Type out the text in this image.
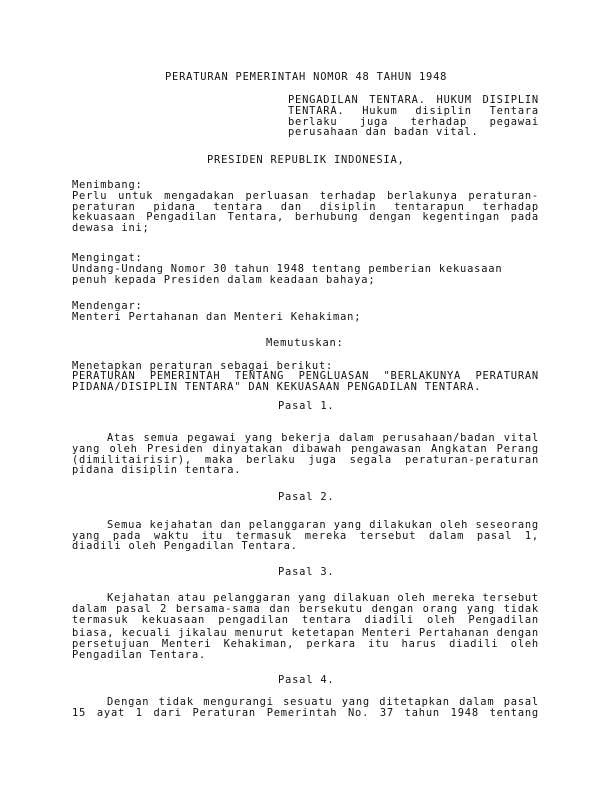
PERATURAN PEMERINTAH NOMOR 48 TAHUN 1948
PENGADILAN TENTARA. HUKUM DISIPLIN
TENTARA. Hukum disiplin Tentara
berlaku juga terhadap pegawai
perusahaan dan badan vital.
PRESIDEN REPUBLIK INDONESIA,
Menimbang:
Perlu untuk mengadakan perluasan terhadap berlakunya peraturan-
peraturan pidana tentara dan disiplin tentarapun terhadap
kekuasaan Pengadilan Tentara, berhubung dengan kegentingan pada
dewasa ini;
Mengingat:
Undang-Undang Nomor 30 tahun 1948 tentang pemberian kekuasaan
penuh kepada Presiden dalam keadaan bahaya;
Mendengar:
Menteri Pertahanan dan Menteri Kehakiman;
Memutuskan:
Menetapkan peraturan sebagai berikut:
PERATURAN PEMERINTAH TENTANG PENGLUASAN "BERLAKUNYA PERATURAN
PIDANA/DISIPLIN TENTARA" DAN KEKUASAAN PENGADILAN TENTARA.
Pasal 1.
Atas semua pegawai yang bekerja dalam perusahaan/badan vital
yang oleh Presiden dinyatakan dibawah pengawasan Angkatan Perang
(dimilitairisir), maka berlaku juga segala peraturan-peraturan
pidana disiplin tentara.
Pasal 2.
Semua kejahatan dan pelanggaran yang dilakukan oleh seseorang
yang pada waktu itu termasuk mereka tersebut dalam pasal 1,
diadili oleh Pengadilan Tentara.
Pasal 3.
Kejahatan atau pelanggaran yang dilakuan oleh mereka tersebut
dalam pasal 2 bersama-sama dan bersekutu dengan orang yang tidak
termasuk kekuasaan pengadilan tentara diadili oleh Pengadilan
biasa, kecuali jikalau menurut ketetapan Menteri Pertahanan dengan
persetujuan Menteri Kehakiman, perkara itu harus diadili oleh
Pengadilan Tentara.
Pasal 4.
Dengan tidak mengurangi sesuatu yang ditetapkan dalam pasal
15 ayat 1 dari Peraturan Pemerintah No. 37 tahun 1948 tentang
